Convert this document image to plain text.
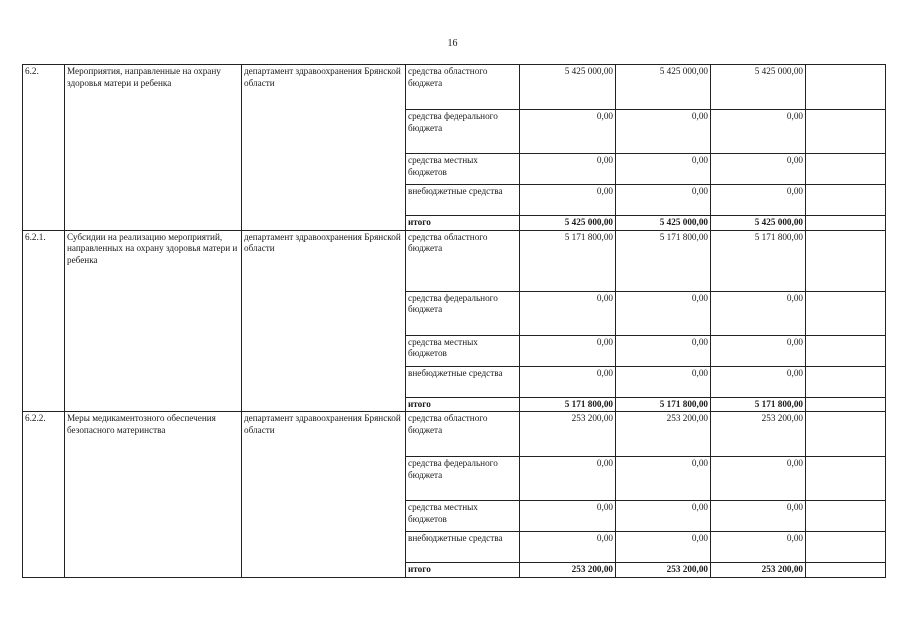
16
6.2.	Мероприятия, направленные на охрану здоровья матери и ребенка	департамент здравоохранения Брянской области	средства областного бюджета	5 425 000,00	5 425 000,00	5 425 000,00	
			средства федерального бюджета	0,00	0,00	0,00	
			средства местных бюджетов	0,00	0,00	0,00	
			внебюджетные средства	0,00	0,00	0,00	
			итого	5 425 000,00	5 425 000,00	5 425 000,00	
6.2.1.	Субсидии на реализацию мероприятий, направленных на охрану здоровья матери и ребенка	департамент здравоохранения Брянской области	средства областного бюджета	5 171 800,00	5 171 800,00	5 171 800,00	
			средства федерального бюджета	0,00	0,00	0,00	
			средства местных бюджетов	0,00	0,00	0,00	
			внебюджетные средства	0,00	0,00	0,00	
			итого	5 171 800,00	5 171 800,00	5 171 800,00	
6.2.2.	Меры медикаментозного обеспечения безопасного материнства	департамент здравоохранения Брянской области	средства областного бюджета	253 200,00	253 200,00	253 200,00	
			средства федерального бюджета	0,00	0,00	0,00	
			средства местных бюджетов	0,00	0,00	0,00	
			внебюджетные средства	0,00	0,00	0,00	
			итого	253 200,00	253 200,00	253 200,00	
